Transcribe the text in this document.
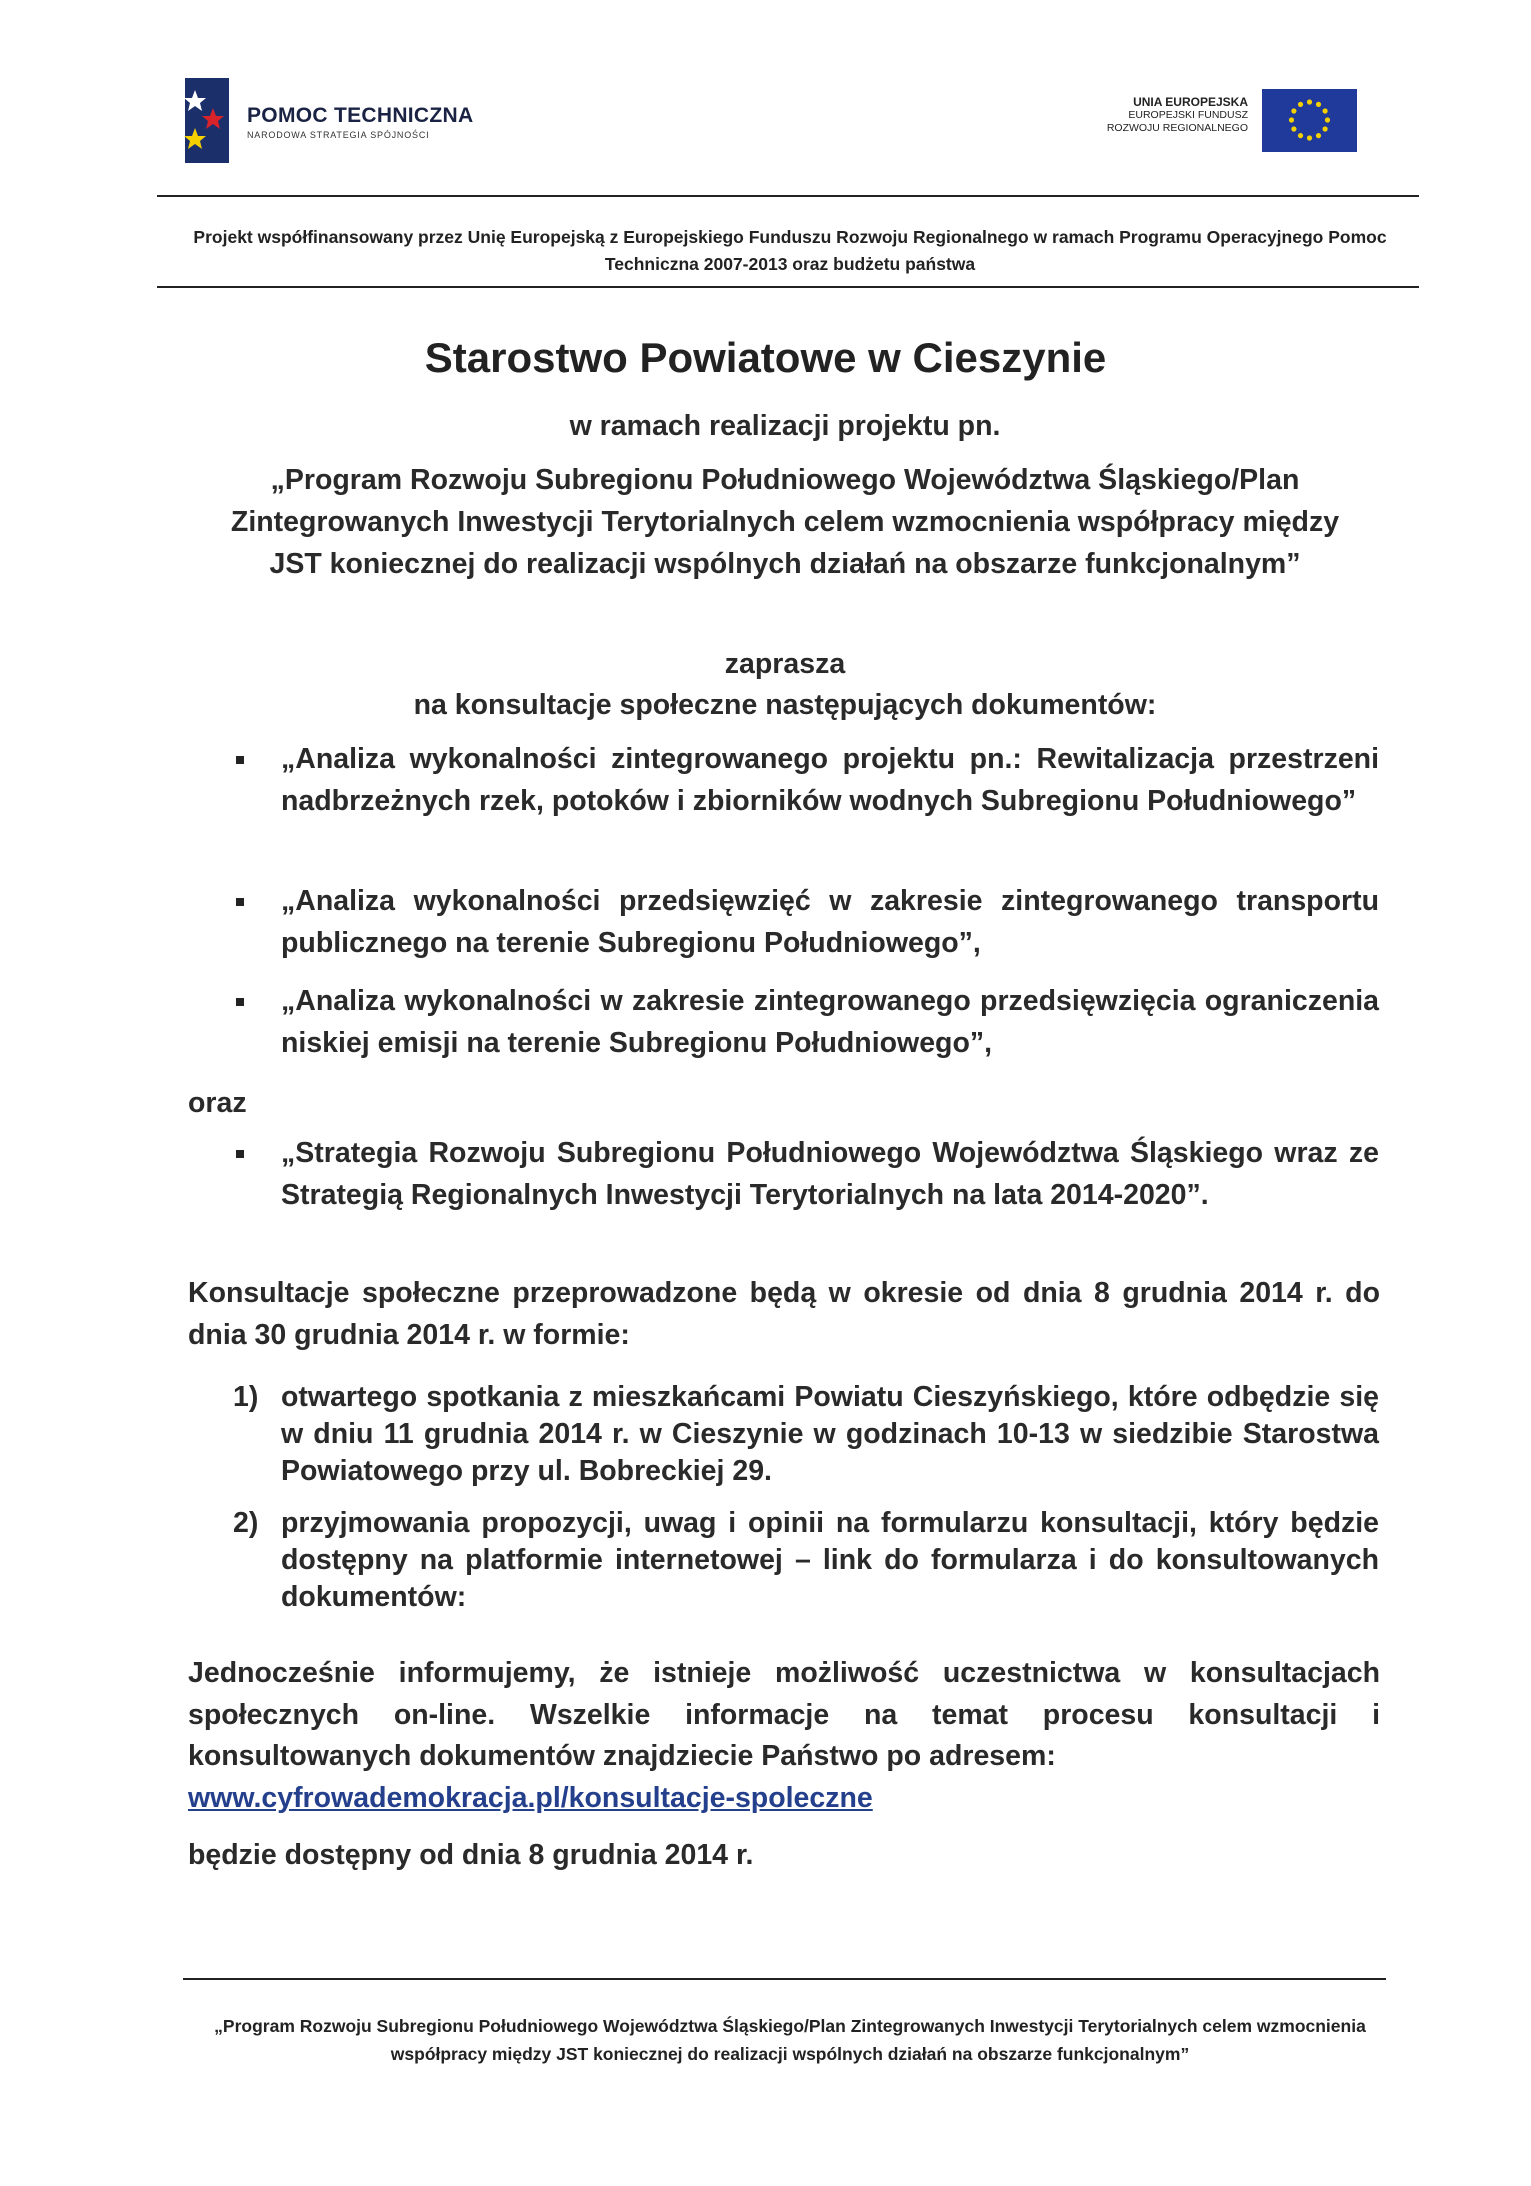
POMOC TECHNICZNA
NARODOWA STRATEGIA SPÓJNOŚCI
UNIA EUROPEJSKA
EUROPEJSKI FUNDUSZ
ROZWOJU REGIONALNEGO
Projekt współfinansowany przez Unię Europejską z Europejskiego Funduszu Rozwoju Regionalnego w ramach Programu Operacyjnego Pomoc Techniczna 2007-2013 oraz budżetu państwa
Starostwo Powiatowe w Cieszynie
w ramach realizacji projektu pn.
„Program Rozwoju Subregionu Południowego Województwa Śląskiego/Plan Zintegrowanych Inwestycji Terytorialnych celem wzmocnienia współpracy między JST koniecznej do realizacji wspólnych działań na obszarze funkcjonalnym”
zaprasza
na konsultacje społeczne następujących dokumentów:
„Analiza wykonalności zintegrowanego projektu pn.: Rewitalizacja przestrzeni nadbrzeżnych rzek, potoków i zbiorników wodnych Subregionu Południowego”
„Analiza wykonalności przedsięwzięć w zakresie zintegrowanego transportu publicznego na terenie Subregionu Południowego”,
„Analiza wykonalności w zakresie zintegrowanego przedsięwzięcia ograniczenia niskiej emisji na terenie Subregionu Południowego”,
oraz
„Strategia Rozwoju Subregionu Południowego Województwa Śląskiego wraz ze Strategią Regionalnych Inwestycji Terytorialnych na lata 2014-2020”.
Konsultacje społeczne przeprowadzone będą w okresie od dnia 8 grudnia 2014 r. do dnia 30 grudnia 2014 r. w formie:
1) otwartego spotkania z mieszkańcami Powiatu Cieszyńskiego, które odbędzie się w dniu 11 grudnia 2014 r. w Cieszynie w godzinach 10-13 w siedzibie Starostwa Powiatowego przy ul. Bobreckiej 29.
2) przyjmowania propozycji, uwag i opinii na formularzu konsultacji, który będzie dostępny na platformie internetowej – link do formularza i do konsultowanych dokumentów:
Jednocześnie informujemy, że istnieje możliwość uczestnictwa w konsultacjach społecznych on-line. Wszelkie informacje na temat procesu konsultacji i konsultowanych dokumentów znajdziecie Państwo po adresem:
www.cyfrowademokracja.pl/konsultacje-spoleczne
będzie dostępny od dnia 8 grudnia 2014 r.
„Program Rozwoju Subregionu Południowego Województwa Śląskiego/Plan Zintegrowanych Inwestycji Terytorialnych celem wzmocnienia współpracy między JST koniecznej do realizacji wspólnych działań na obszarze funkcjonalnym”
